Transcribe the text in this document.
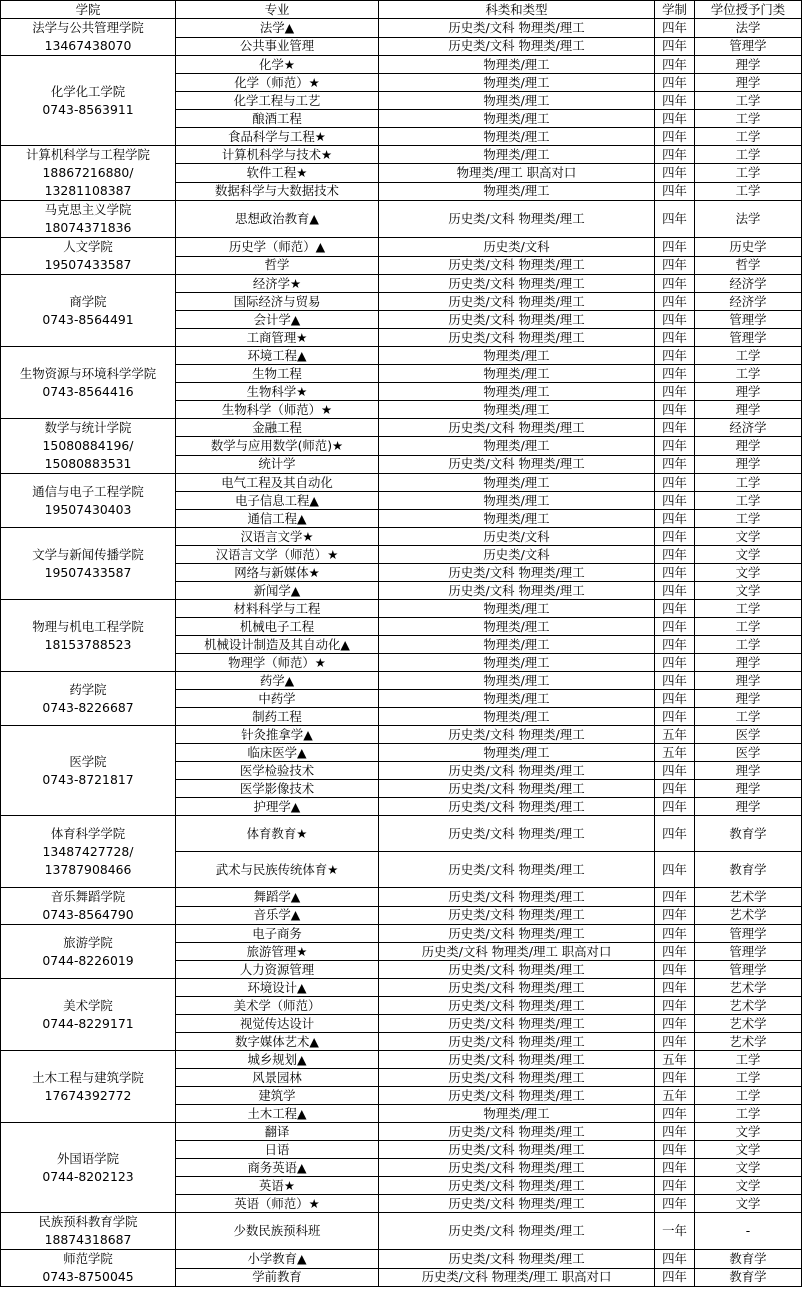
学院	专业	科类和类型	学制	学位授予门类

法学与公共管理学院
13467438070	法学▲	历史类/文科 物理类/理工	四年	法学
	公共事业管理	历史类/文科 物理类/理工	四年	管理学

化学化工学院
0743-8563911	化学★	物理类/理工	四年	理学
	化学（师范）★	物理类/理工	四年	理学
	化学工程与工艺	物理类/理工	四年	工学
	酿酒工程	物理类/理工	四年	工学
	食品科学与工程★	物理类/理工	四年	工学

计算机科学与工程学院
18867216880/
13281108387	计算机科学与技术★	物理类/理工	四年	工学
	软件工程★	物理类/理工 职高对口	四年	工学
	数据科学与大数据技术	物理类/理工	四年	工学

马克思主义学院
18074371836	思想政治教育▲	历史类/文科 物理类/理工	四年	法学

人文学院
19507433587	历史学（师范）▲	历史类/文科	四年	历史学
	哲学	历史类/文科 物理类/理工	四年	哲学

商学院
0743-8564491	经济学★	历史类/文科 物理类/理工	四年	经济学
	国际经济与贸易	历史类/文科 物理类/理工	四年	经济学
	会计学▲	历史类/文科 物理类/理工	四年	管理学
	工商管理★	历史类/文科 物理类/理工	四年	管理学

生物资源与环境科学学院
0743-8564416	环境工程▲	物理类/理工	四年	工学
	生物工程	物理类/理工	四年	工学
	生物科学★	物理类/理工	四年	理学
	生物科学（师范）★	物理类/理工	四年	理学

数学与统计学院
15080884196/
15080883531	金融工程	历史类/文科 物理类/理工	四年	经济学
	数学与应用数学(师范)★	物理类/理工	四年	理学
	统计学	历史类/文科 物理类/理工	四年	理学

通信与电子工程学院
19507430403	电气工程及其自动化	物理类/理工	四年	工学
	电子信息工程▲	物理类/理工	四年	工学
	通信工程▲	物理类/理工	四年	工学

文学与新闻传播学院
19507433587	汉语言文学★	历史类/文科	四年	文学
	汉语言文学（师范）★	历史类/文科	四年	文学
	网络与新媒体★	历史类/文科 物理类/理工	四年	文学
	新闻学▲	历史类/文科 物理类/理工	四年	文学

物理与机电工程学院
18153788523	材料科学与工程	物理类/理工	四年	工学
	机械电子工程	物理类/理工	四年	工学
	机械设计制造及其自动化▲	物理类/理工	四年	工学
	物理学（师范）★	物理类/理工	四年	理学

药学院
0743-8226687	药学▲	物理类/理工	四年	理学
	中药学	物理类/理工	四年	理学
	制药工程	物理类/理工	四年	工学

医学院
0743-8721817	针灸推拿学▲	历史类/文科 物理类/理工	五年	医学
	临床医学▲	物理类/理工	五年	医学
	医学检验技术	历史类/文科 物理类/理工	四年	理学
	医学影像技术	历史类/文科 物理类/理工	四年	理学
	护理学▲	历史类/文科 物理类/理工	四年	理学

体育科学学院
13487427728/
13787908466	体育教育★	历史类/文科 物理类/理工	四年	教育学
	武术与民族传统体育★	历史类/文科 物理类/理工	四年	教育学

音乐舞蹈学院
0743-8564790	舞蹈学▲	历史类/文科 物理类/理工	四年	艺术学
	音乐学▲	历史类/文科 物理类/理工	四年	艺术学

旅游学院
0744-8226019	电子商务	历史类/文科 物理类/理工	四年	管理学
	旅游管理★	历史类/文科 物理类/理工 职高对口	四年	管理学
	人力资源管理	历史类/文科 物理类/理工	四年	管理学

美术学院
0744-8229171	环境设计▲	历史类/文科 物理类/理工	四年	艺术学
	美术学（师范）	历史类/文科 物理类/理工	四年	艺术学
	视觉传达设计	历史类/文科 物理类/理工	四年	艺术学
	数字媒体艺术▲	历史类/文科 物理类/理工	四年	艺术学

土木工程与建筑学院
17674392772	城乡规划▲	历史类/文科 物理类/理工	五年	工学
	风景园林	历史类/文科 物理类/理工	四年	工学
	建筑学	历史类/文科 物理类/理工	五年	工学
	土木工程▲	物理类/理工	四年	工学

外国语学院
0744-8202123	翻译	历史类/文科 物理类/理工	四年	文学
	日语	历史类/文科 物理类/理工	四年	文学
	商务英语▲	历史类/文科 物理类/理工	四年	文学
	英语★	历史类/文科 物理类/理工	四年	文学
	英语（师范）★	历史类/文科 物理类/理工	四年	文学

民族预科教育学院
18874318687	少数民族预科班	历史类/文科 物理类/理工	一年	-

师范学院
0743-8750045	小学教育▲	历史类/文科 物理类/理工	四年	教育学
	学前教育	历史类/文科 物理类/理工 职高对口	四年	教育学
